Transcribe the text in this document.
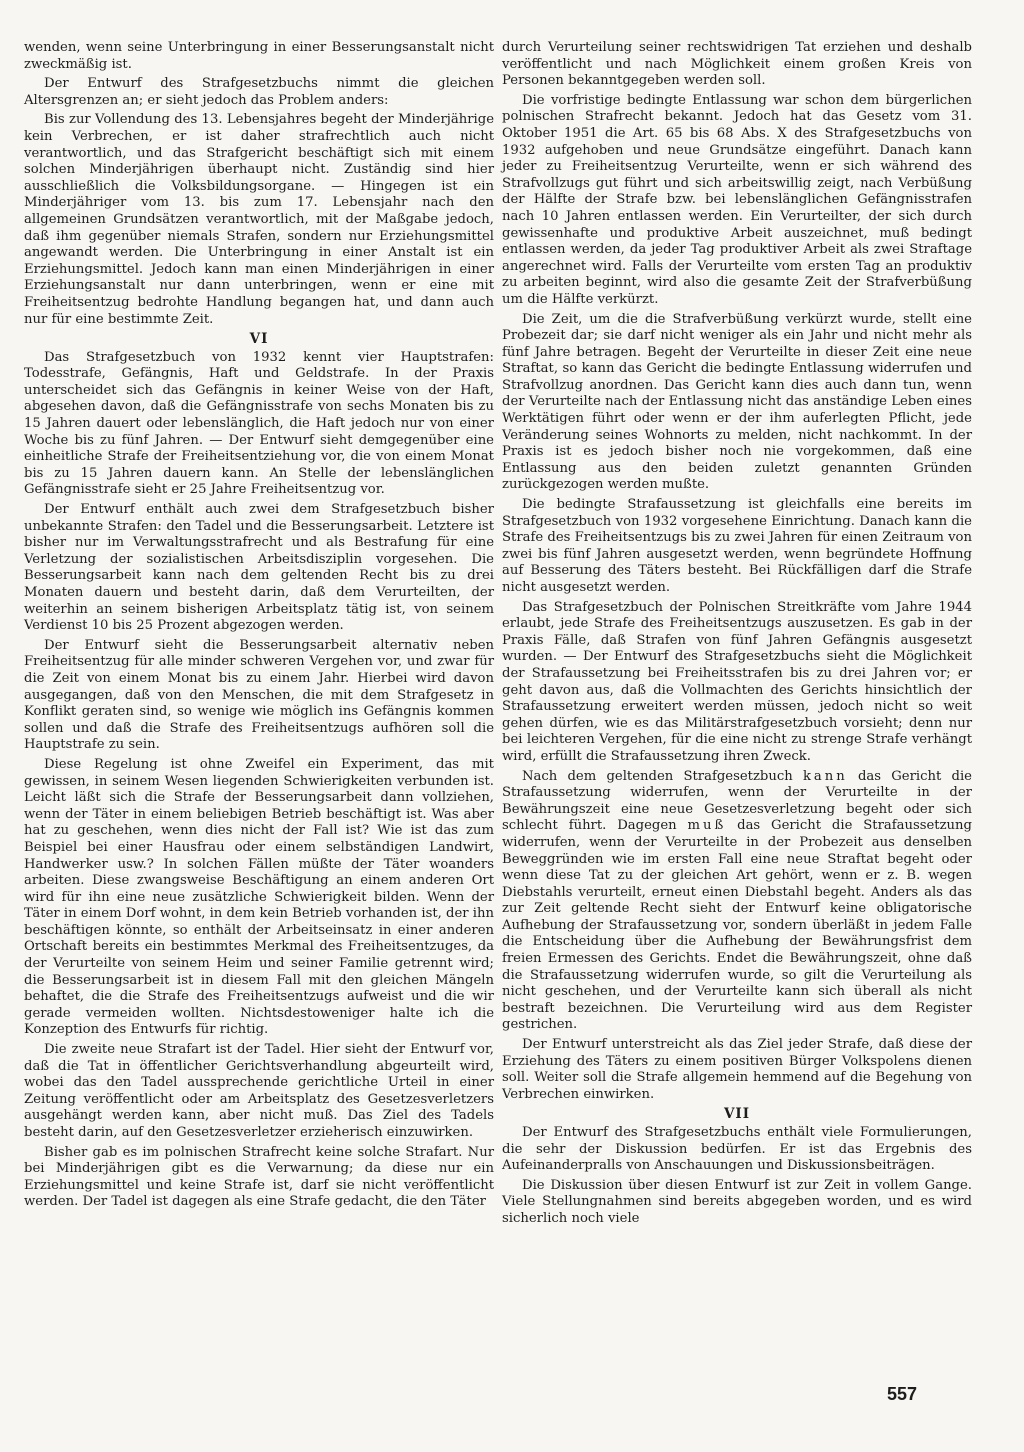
wenden, wenn seine Unterbringung in einer Besserungsanstalt nicht zweckmäßig ist.

Der Entwurf des Strafgesetzbuchs nimmt die gleichen Altersgrenzen an; er sieht jedoch das Problem anders:

Bis zur Vollendung des 13. Lebensjahres begeht der Minderjährige kein Verbrechen, er ist daher strafrechtlich auch nicht verantwortlich, und das Strafgericht beschäftigt sich mit einem solchen Minderjährigen überhaupt nicht. Zuständig sind hier ausschließlich die Volksbildungsorgane. — Hingegen ist ein Minderjähriger vom 13. bis zum 17. Lebensjahr nach den allgemeinen Grundsätzen verantwortlich, mit der Maßgabe jedoch, daß ihm gegenüber niemals Strafen, sondern nur Erziehungsmittel angewandt werden. Die Unterbringung in einer Anstalt ist ein Erziehungsmittel. Jedoch kann man einen Minderjährigen in einer Erziehungsanstalt nur dann unterbringen, wenn er eine mit Freiheitsentzug bedrohte Handlung begangen hat, und dann auch nur für eine bestimmte Zeit.

VI

Das Strafgesetzbuch von 1932 kennt vier Hauptstrafen: Todesstrafe, Gefängnis, Haft und Geldstrafe. In der Praxis unterscheidet sich das Gefängnis in keiner Weise von der Haft, abgesehen davon, daß die Gefängnisstrafe von sechs Monaten bis zu 15 Jahren dauert oder lebenslänglich, die Haft jedoch nur von einer Woche bis zu fünf Jahren. — Der Entwurf sieht demgegenüber eine einheitliche Strafe der Freiheitsentziehung vor, die von einem Monat bis zu 15 Jahren dauern kann. An Stelle der lebenslänglichen Gefängnisstrafe sieht er 25 Jahre Freiheitsentzug vor.

Der Entwurf enthält auch zwei dem Strafgesetzbuch bisher unbekannte Strafen: den Tadel und die Besserungsarbeit. Letztere ist bisher nur im Verwaltungsstrafrecht und als Bestrafung für eine Verletzung der sozialistischen Arbeitsdisziplin vorgesehen. Die Besserungsarbeit kann nach dem geltenden Recht bis zu drei Monaten dauern und besteht darin, daß dem Verurteilten, der weiterhin an seinem bisherigen Arbeitsplatz tätig ist, von seinem Verdienst 10 bis 25 Prozent abgezogen werden.

Der Entwurf sieht die Besserungsarbeit alternativ neben Freiheitsentzug für alle minder schweren Vergehen vor, und zwar für die Zeit von einem Monat bis zu einem Jahr. Hierbei wird davon ausgegangen, daß von den Menschen, die mit dem Strafgesetz in Konflikt geraten sind, so wenige wie möglich ins Gefängnis kommen sollen und daß die Strafe des Freiheitsentzugs aufhören soll die Hauptstrafe zu sein.

Diese Regelung ist ohne Zweifel ein Experiment, das mit gewissen, in seinem Wesen liegenden Schwierigkeiten verbunden ist. Leicht läßt sich die Strafe der Besserungsarbeit dann vollziehen, wenn der Täter in einem beliebigen Betrieb beschäftigt ist. Was aber hat zu geschehen, wenn dies nicht der Fall ist? Wie ist das zum Beispiel bei einer Hausfrau oder einem selbständigen Landwirt, Handwerker usw.? In solchen Fällen müßte der Täter woanders arbeiten. Diese zwangsweise Beschäftigung an einem anderen Ort wird für ihn eine neue zusätzliche Schwierigkeit bilden. Wenn der Täter in einem Dorf wohnt, in dem kein Betrieb vorhanden ist, der ihn beschäftigen könnte, so enthält der Arbeitseinsatz in einer anderen Ortschaft bereits ein bestimmtes Merkmal des Freiheitsentzuges, da der Verurteilte von seinem Heim und seiner Familie getrennt wird; die Besserungsarbeit ist in diesem Fall mit den gleichen Mängeln behaftet, die die Strafe des Freiheitsentzugs aufweist und die wir gerade vermeiden wollten. Nichtsdestoweniger halte ich die Konzeption des Entwurfs für richtig.

Die zweite neue Strafart ist der Tadel. Hier sieht der Entwurf vor, daß die Tat in öffentlicher Gerichtsverhandlung abgeurteilt wird, wobei das den Tadel aussprechende gerichtliche Urteil in einer Zeitung veröffentlicht oder am Arbeitsplatz des Gesetzesverletzers ausgehängt werden kann, aber nicht muß. Das Ziel des Tadels besteht darin, auf den Gesetzesverletzer erzieherisch einzuwirken.

Bisher gab es im polnischen Strafrecht keine solche Strafart. Nur bei Minderjährigen gibt es die Verwarnung; da diese nur ein Erziehungsmittel und keine Strafe ist, darf sie nicht veröffentlicht werden. Der Tadel ist dagegen als eine Strafe gedacht, die den Täter

durch Verurteilung seiner rechtswidrigen Tat erziehen und deshalb veröffentlicht und nach Möglichkeit einem großen Kreis von Personen bekanntgegeben werden soll.

Die vorfristige bedingte Entlassung war schon dem bürgerlichen polnischen Strafrecht bekannt. Jedoch hat das Gesetz vom 31. Oktober 1951 die Art. 65 bis 68 Abs. X des Strafgesetzbuchs von 1932 aufgehoben und neue Grundsätze eingeführt. Danach kann jeder zu Freiheitsentzug Verurteilte, wenn er sich während des Strafvollzugs gut führt und sich arbeitswillig zeigt, nach Verbüßung der Hälfte der Strafe bzw. bei lebenslänglichen Gefängnisstrafen nach 10 Jahren entlassen werden. Ein Verurteilter, der sich durch gewissenhafte und produktive Arbeit auszeichnet, muß bedingt entlassen werden, da jeder Tag produktiver Arbeit als zwei Straftage angerechnet wird. Falls der Verurteilte vom ersten Tag an produktiv zu arbeiten beginnt, wird also die gesamte Zeit der Strafverbüßung um die Hälfte verkürzt.

Die Zeit, um die die Strafverbüßung verkürzt wurde, stellt eine Probezeit dar; sie darf nicht weniger als ein Jahr und nicht mehr als fünf Jahre betragen. Begeht der Verurteilte in dieser Zeit eine neue Straftat, so kann das Gericht die bedingte Entlassung widerrufen und Strafvollzug anordnen. Das Gericht kann dies auch dann tun, wenn der Verurteilte nach der Entlassung nicht das anständige Leben eines Werktätigen führt oder wenn er der ihm auferlegten Pflicht, jede Veränderung seines Wohnorts zu melden, nicht nachkommt. In der Praxis ist es jedoch bisher noch nie vorgekommen, daß eine Entlassung aus den beiden zuletzt genannten Gründen zurückgezogen werden mußte.

Die bedingte Strafaussetzung ist gleichfalls eine bereits im Strafgesetzbuch von 1932 vorgesehene Einrichtung. Danach kann die Strafe des Freiheitsentzugs bis zu zwei Jahren für einen Zeitraum von zwei bis fünf Jahren ausgesetzt werden, wenn begründete Hoffnung auf Besserung des Täters besteht. Bei Rückfälligen darf die Strafe nicht ausgesetzt werden.

Das Strafgesetzbuch der Polnischen Streitkräfte vom Jahre 1944 erlaubt, jede Strafe des Freiheitsentzugs auszusetzen. Es gab in der Praxis Fälle, daß Strafen von fünf Jahren Gefängnis ausgesetzt wurden. — Der Entwurf des Strafgesetzbuchs sieht die Möglichkeit der Strafaussetzung bei Freiheitsstrafen bis zu drei Jahren vor; er geht davon aus, daß die Vollmachten des Gerichts hinsichtlich der Strafaussetzung erweitert werden müssen, jedoch nicht so weit gehen dürfen, wie es das Militärstrafgesetzbuch vorsieht; denn nur bei leichteren Vergehen, für die eine nicht zu strenge Strafe verhängt wird, erfüllt die Strafaussetzung ihren Zweck.

Nach dem geltenden Strafgesetzbuch kann das Gericht die Strafaussetzung widerrufen, wenn der Verurteilte in der Bewährungszeit eine neue Gesetzesverletzung begeht oder sich schlecht führt. Dagegen muß das Gericht die Strafaussetzung widerrufen, wenn der Verurteilte in der Probezeit aus denselben Beweggründen wie im ersten Fall eine neue Straftat begeht oder wenn diese Tat zu der gleichen Art gehört, wenn er z. B. wegen Diebstahls verurteilt, erneut einen Diebstahl begeht. Anders als das zur Zeit geltende Recht sieht der Entwurf keine obligatorische Aufhebung der Strafaussetzung vor, sondern überläßt in jedem Falle die Entscheidung über die Aufhebung der Bewährungsfrist dem freien Ermessen des Gerichts. Endet die Bewährungszeit, ohne daß die Strafaussetzung widerrufen wurde, so gilt die Verurteilung als nicht geschehen, und der Verurteilte kann sich überall als nicht bestraft bezeichnen. Die Verurteilung wird aus dem Register gestrichen.

Der Entwurf unterstreicht als das Ziel jeder Strafe, daß diese der Erziehung des Täters zu einem positiven Bürger Volkspolens dienen soll. Weiter soll die Strafe allgemein hemmend auf die Begehung von Verbrechen einwirken.

VII

Der Entwurf des Strafgesetzbuchs enthält viele Formulierungen, die sehr der Diskussion bedürfen. Er ist das Ergebnis des Aufeinanderpralls von Anschauungen und Diskussionsbeiträgen.

Die Diskussion über diesen Entwurf ist zur Zeit in vollem Gange. Viele Stellungnahmen sind bereits abgegeben worden, und es wird sicherlich noch viele

557
